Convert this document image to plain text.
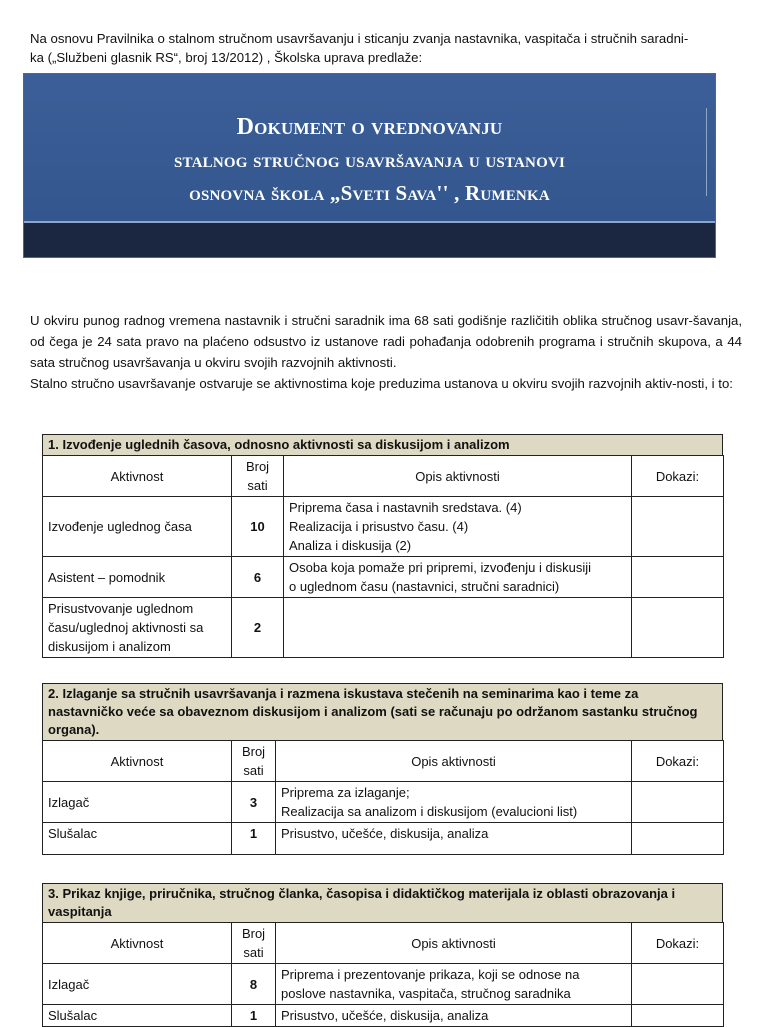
Na osnovu Pravilnika o stalnom stručnom usavršavanju i sticanju zvanja nastavnika, vaspitača i stručnih saradni-
ka („Službeni glasnik RS“, broj 13/2012) , Školska uprava predlaže:
Dokument o vrednovanju
stalnog stručnog usavršavanja u ustanovi
osnovna škola „Sveti Sava'' , Rumenka
U okviru punog radnog vremena nastavnik i stručni saradnik ima 68 sati godišnje različitih oblika stručnog usavr-šavanja, od čega je 24 sata pravo na plaćeno odsustvo iz ustanove radi pohađanja odobrenih programa i stručnih skupova, a 44 sata stručnog usavršavanja u okviru svojih razvojnih aktivnosti.
Stalno stručno usavršavanje ostvaruje se aktivnostima koje preduzima ustanova u okviru svojih razvojnih aktiv-nosti, i to:
1. Izvođenje uglednih časova, odnosno aktivnosti sa diskusijom i analizom
Aktivnost	Broj sati	Opis aktivnosti	Dokazi:
Izvođenje uglednog časa	10	Priprema časa i nastavnih sredstava. (4)
Realizacija i prisustvo času. (4)
Analiza i diskusija (2)	

Asistent – pomodnik	6	Osoba koja pomaže pri pripremi, izvođenju i diskusiji
o uglednom času (nastavnici, stručni saradnici)	

Prisustvovanje uglednom času/uglednoj aktivnosti sa diskusijom i analizom	2		
2. Izlaganje sa stručnih usavršavanja i razmena iskustava stečenih na seminarima kao i teme za nastavničko veće sa obaveznom diskusijom i analizom (sati se računaju po održanom sastanku stručnog organa).
Aktivnost	Broj sati	Opis aktivnosti	Dokazi:
Izlagač	3	Priprema za izlaganje;
Realizacija sa analizom i diskusijom (evalucioni list)	

Slušalac	1	Prisustvo, učešće, diskusija, analiza	

3. Prikaz knjige, priručnika, stručnog članka, časopisa i didaktičkog materijala iz oblasti obrazovanja i vaspitanja
Aktivnost	Broj sati	Opis aktivnosti	Dokazi:
Izlagač	8	Priprema i prezentovanje prikaza, koji se odnose na
poslove nastavnika, vaspitača, stručnog saradnika	

Slušalac	1	Prisustvo, učešće, diskusija, analiza	
